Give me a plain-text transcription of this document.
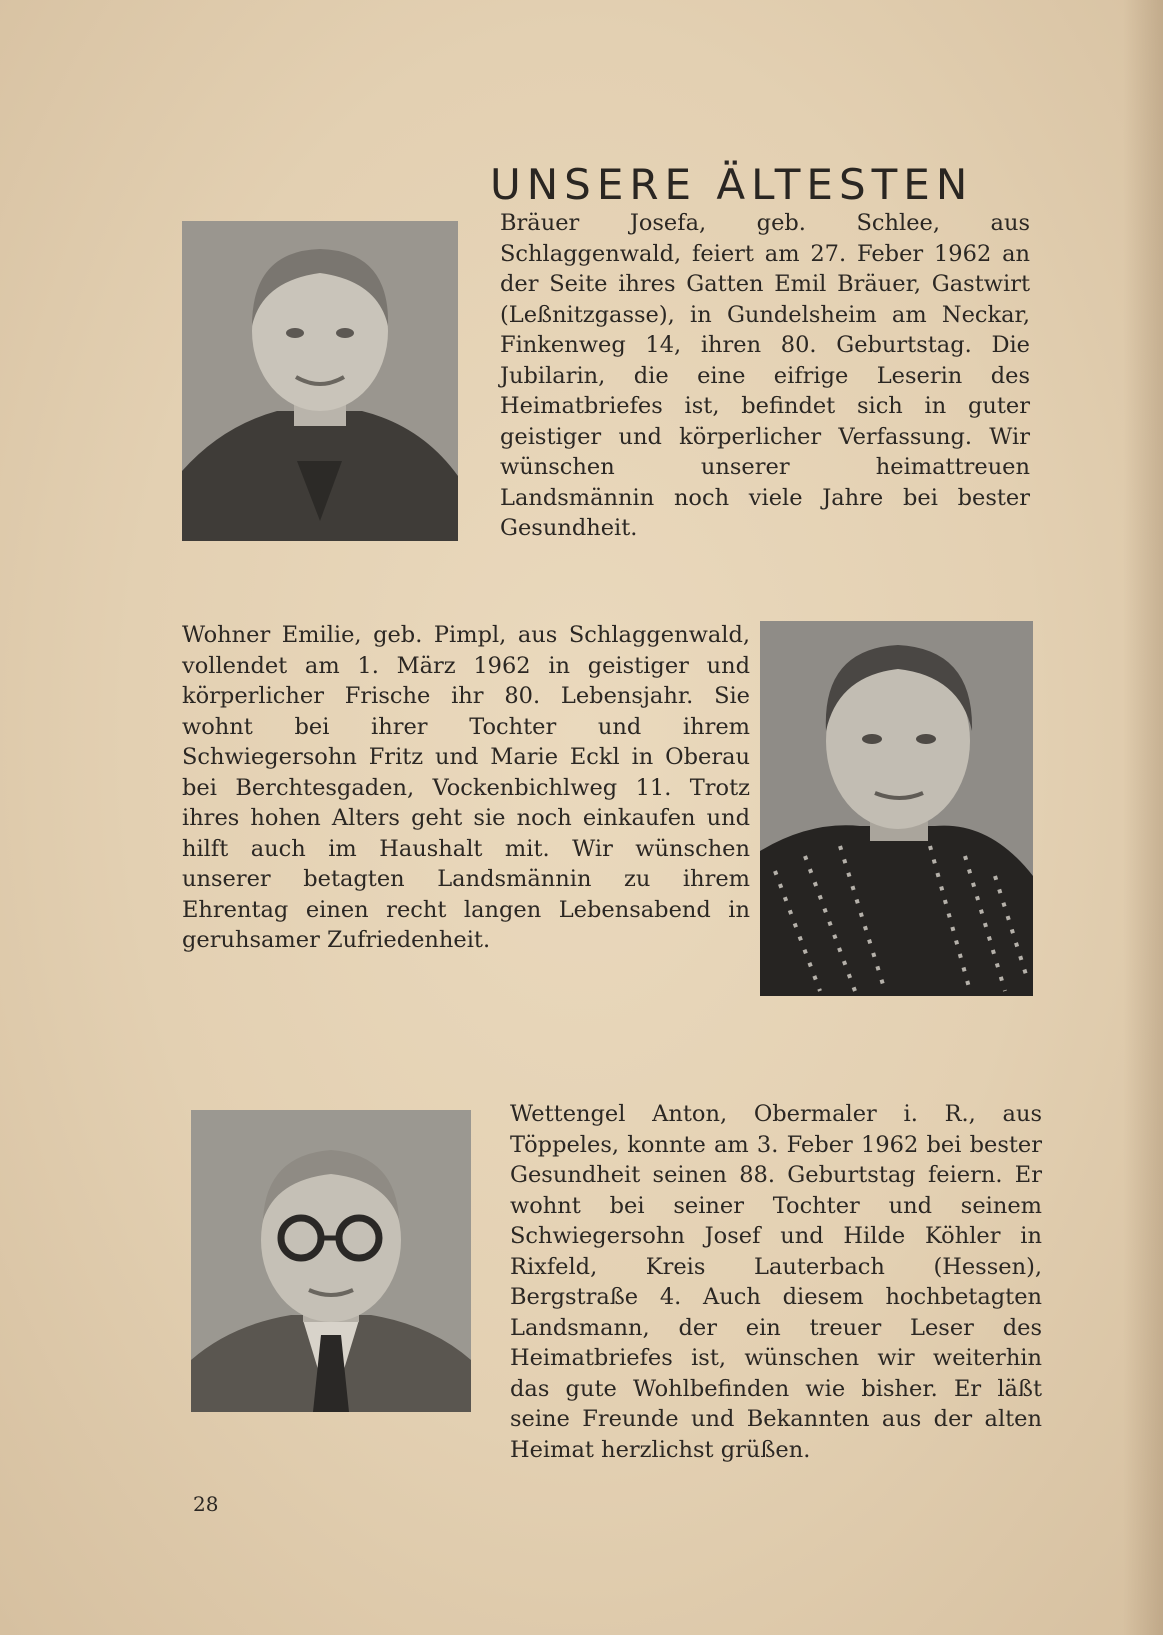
UNSERE ÄLTESTEN

Bräuer Josefa, geb. Schlee, aus Schlaggenwald, feiert am 27. Feber 1962 an der Seite ihres Gatten Emil Bräuer, Gastwirt (Leßnitzgasse), in Gundelsheim am Neckar, Finkenweg 14, ihren 80. Geburtstag. Die Jubilarin, die eine eifrige Leserin des Heimatbriefes ist, befindet sich in guter geistiger und körperlicher Verfassung. Wir wünschen unserer heimattreuen Landsmännin noch viele Jahre bei bester Gesundheit.

Wohner Emilie, geb. Pimpl, aus Schlaggenwald, vollendet am 1. März 1962 in geistiger und körperlicher Frische ihr 80. Lebensjahr. Sie wohnt bei ihrer Tochter und ihrem Schwiegersohn Fritz und Marie Eckl in Oberau bei Berchtesgaden, Vockenbichlweg 11. Trotz ihres hohen Alters geht sie noch einkaufen und hilft auch im Haushalt mit. Wir wünschen unserer betagten Landsmännin zu ihrem Ehrentag einen recht langen Lebensabend in geruhsamer Zufriedenheit.

Wettengel Anton, Obermaler i. R., aus Töppeles, konnte am 3. Feber 1962 bei bester Gesundheit seinen 88. Geburtstag feiern. Er wohnt bei seiner Tochter und seinem Schwiegersohn Josef und Hilde Köhler in Rixfeld, Kreis Lauterbach (Hessen), Bergstraße 4. Auch diesem hochbetagten Landsmann, der ein treuer Leser des Heimatbriefes ist, wünschen wir weiterhin das gute Wohlbefinden wie bisher. Er läßt seine Freunde und Bekannten aus der alten Heimat herzlichst grüßen.

28
